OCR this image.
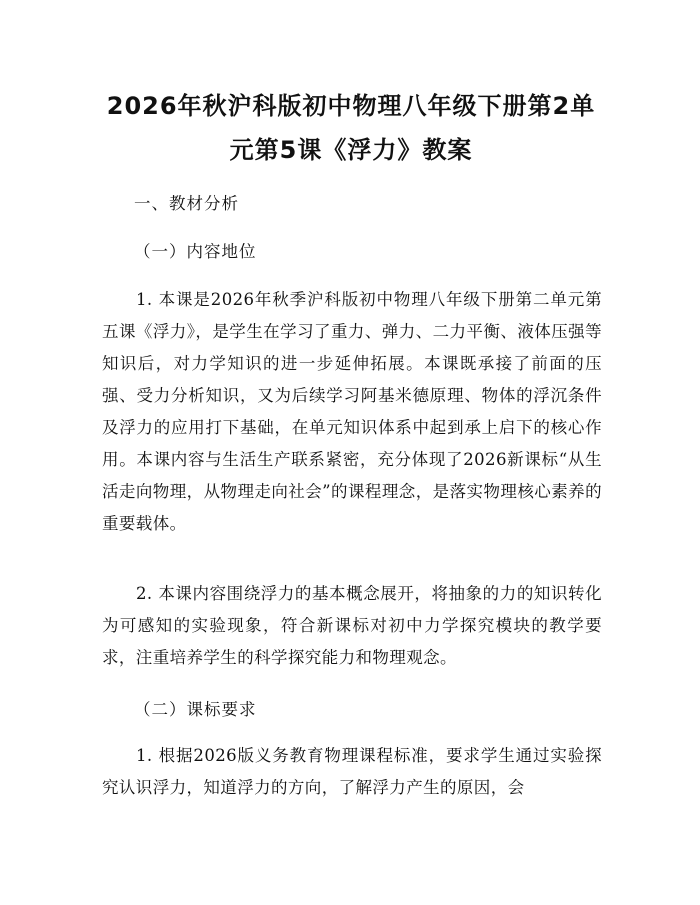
2026年秋沪科版初中物理八年级下册第2单元第5课《浮力》教案
一、教材分析
（一）内容地位
1. 本课是2026年秋季沪科版初中物理八年级下册第二单元第五课《浮力》，是学生在学习了重力、弹力、二力平衡、液体压强等知识后，对力学知识的进一步延伸拓展。本课既承接了前面的压强、受力分析知识，又为后续学习阿基米德原理、物体的浮沉条件及浮力的应用打下基础，在单元知识体系中起到承上启下的核心作用。本课内容与生活生产联系紧密，充分体现了2026新课标“从生活走向物理，从物理走向社会”的课程理念，是落实物理核心素养的重要载体。
2. 本课内容围绕浮力的基本概念展开，将抽象的力的知识转化为可感知的实验现象，符合新课标对初中力学探究模块的教学要求，注重培养学生的科学探究能力和物理观念。
（二）课标要求
1. 根据2026版义务教育物理课程标准，要求学生通过实验探究认识浮力，知道浮力的方向，了解浮力产生的原因，会
